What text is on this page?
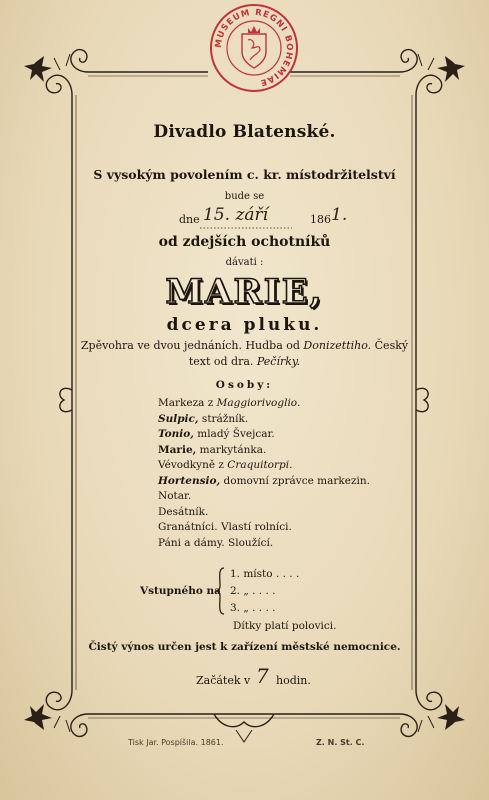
MUSEUM REGNI BOHEMIAE
Divadlo Blatenské.
S vysokým povolením c. kr. místodržitelství
bude se
dne 15. září	186 1.
od zdejších ochotníků
dávati :
MARIE,
dcera pluku.
Zpěvohra ve dvou jednáních. Hudba od Donizettiho. Český
text od dra. Pečírky.
Osoby:
Markeza z Maggiorivoglio.
Sulpic, strážník.
Tonio, mladý Švejcar.
Marie, markytánka.
Vévodkyně z Craquitorpi.
Hortensio, domovní zprávce markezin.
Notar.
Desátník.
Granátníci. Vlastí rolníci.
Páni a dámy. Sloužící.
Vstupného na
1. místo . . . .
2. „ . . . .
3. „ . . . .
Dítky platí polovici.
Čistý výnos určen jest k zařízení městské nemocnice.
Začátek v 7 hodin.
Tisk Jar. Pospíšila. 1861.	Z. N. St. C.
